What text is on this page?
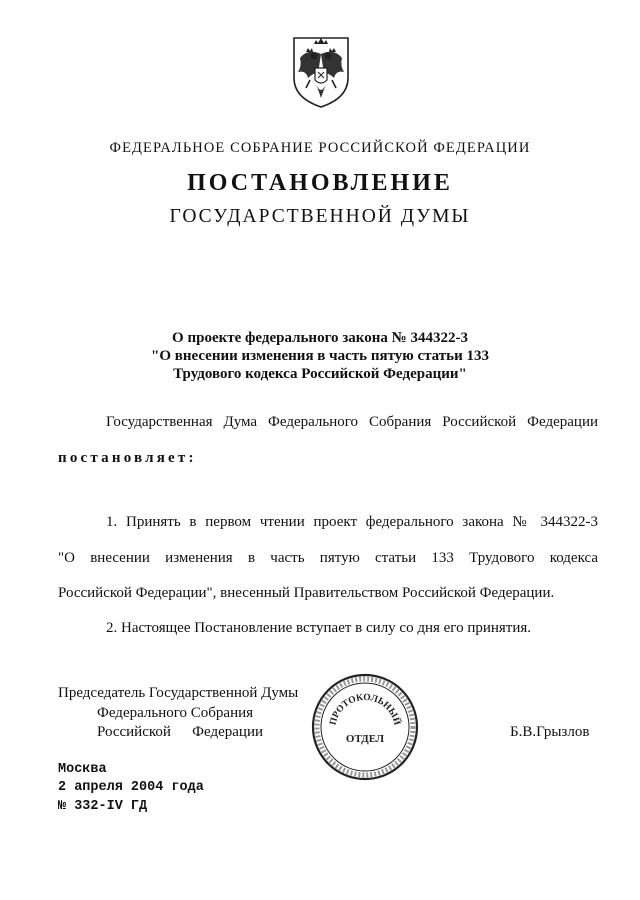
ФЕДЕРАЛЬНОЕ СОБРАНИЕ РОССИЙСКОЙ ФЕДЕРАЦИИ
ПОСТАНОВЛЕНИЕ
ГОСУДАРСТВЕННОЙ ДУМЫ
О проекте федерального закона № 344322-3
"О внесении изменения в часть пятую статьи 133
Трудового кодекса Российской Федерации"
Государственная Дума Федерального Собрания Российской Федерации
постановляет:
1. Принять в первом чтении проект федерального закона № 344322-3
"О внесении изменения в часть пятую статьи 133 Трудового кодекса
Российской Федерации", внесенный Правительством Российской Федерации.
2. Настоящее Постановление вступает в силу со дня его принятия.
Председатель Государственной Думы
Федерального Собрания
Российской Федерации	Б.В.Грызлов
ПРОТОКОЛЬНЫЙ
ОТДЕЛ
Москва
2 апреля 2004 года
№ 332-IV ГД
